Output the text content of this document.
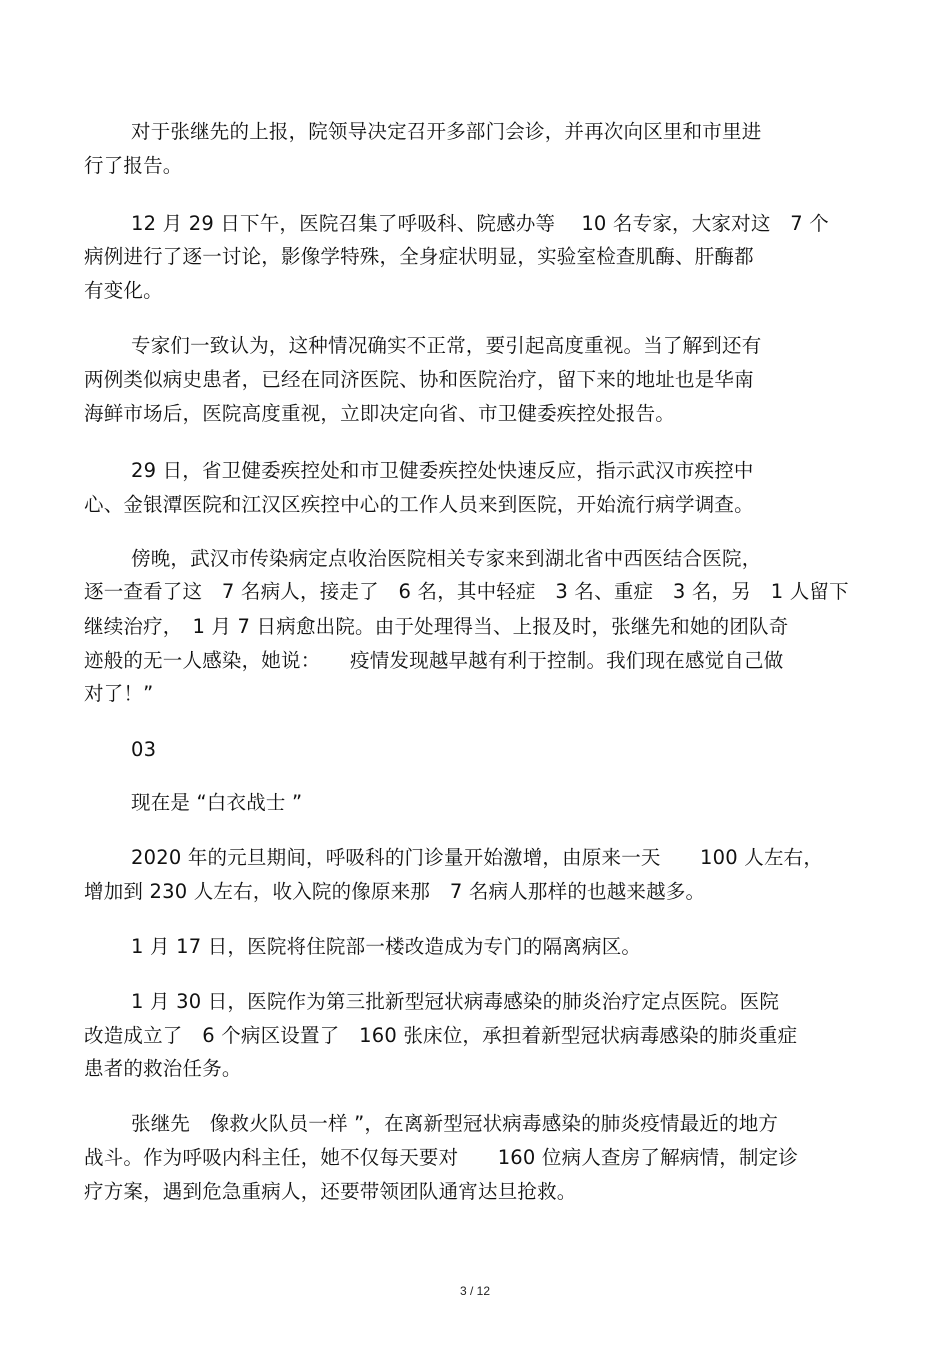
对于张继先的上报，院领导决定召开多部门会诊，并再次向区里和市里进

行了报告。

12 月 29 日下午，医院召集了呼吸科、院感办等　 10 名专家，大家对这　7 个

病例进行了逐一讨论，影像学特殊，全身症状明显，实验室检查肌酶、肝酶都

有变化。

专家们一致认为，这种情况确实不正常，要引起高度重视。当了解到还有

两例类似病史患者，已经在同济医院、协和医院治疗，留下来的地址也是华南

海鲜市场后，医院高度重视，立即决定向省、市卫健委疾控处报告。

29 日，省卫健委疾控处和市卫健委疾控处快速反应，指示武汉市疾控中

心、金银潭医院和江汉区疾控中心的工作人员来到医院，开始流行病学调查。

傍晚，武汉市传染病定点收治医院相关专家来到湖北省中西医结合医院，

逐一查看了这　7 名病人，接走了　6 名，其中轻症　3 名、重症　3 名，另　1 人留下

继续治疗，　1 月 7 日病愈出院。由于处理得当、上报及时，张继先和她的团队奇

迹般的无一人感染，她说：　　疫情发现越早越有利于控制。我们现在感觉自己做

对了！”

03

现在是 “白衣战士 ”

2020 年的元旦期间，呼吸科的门诊量开始激增，由原来一天　　100 人左右，

增加到 230 人左右，收入院的像原来那　7 名病人那样的也越来越多。

1 月 17 日，医院将住院部一楼改造成为专门的隔离病区。

1 月 30 日，医院作为第三批新型冠状病毒感染的肺炎治疗定点医院。医院

改造成立了　6 个病区设置了　160 张床位，承担着新型冠状病毒感染的肺炎重症

患者的救治任务。

张继先　像救火队员一样 ”，在离新型冠状病毒感染的肺炎疫情最近的地方

战斗。作为呼吸内科主任，她不仅每天要对　　160 位病人查房了解病情，制定诊

疗方案，遇到危急重病人，还要带领团队通宵达旦抢救。

3 / 12
